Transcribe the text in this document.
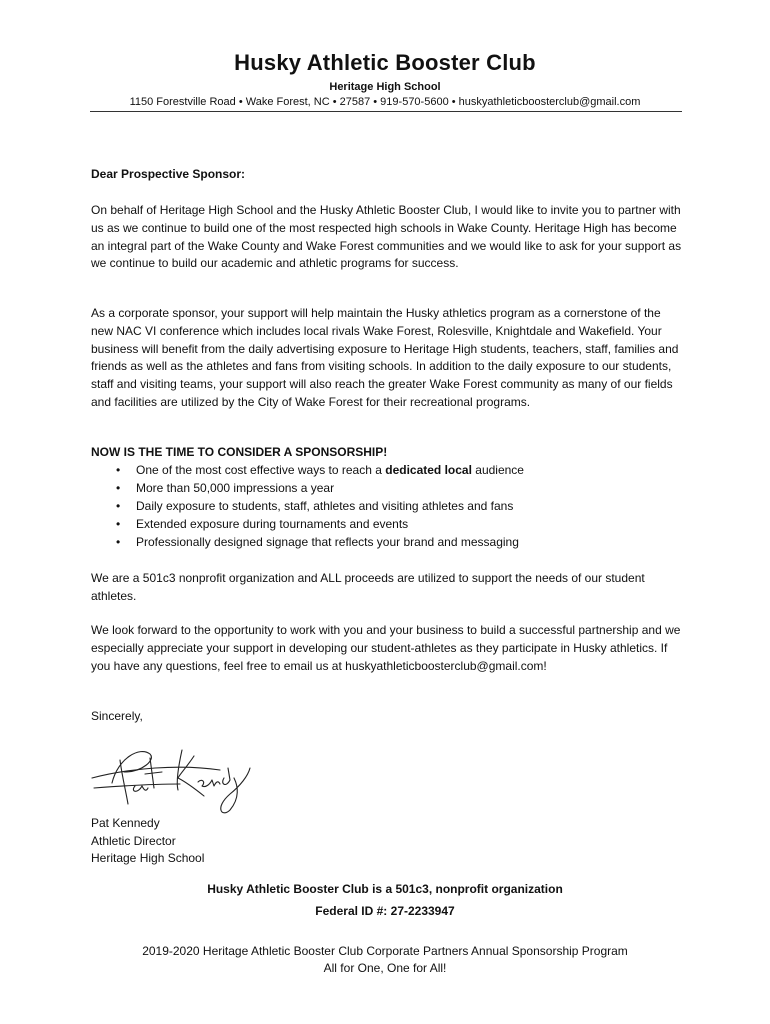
Husky Athletic Booster Club
Heritage High School
1150 Forestville Road • Wake Forest, NC • 27587 • 919-570-5600 • huskyathleticboosterclub@gmail.com
Dear Prospective Sponsor:
On behalf of Heritage High School and the Husky Athletic Booster Club, I would like to invite you to partner with us as we continue to build one of the most respected high schools in Wake County. Heritage High has become an integral part of the Wake County and Wake Forest communities and we would like to ask for your support as we continue to build our academic and athletic programs for success.
As a corporate sponsor, your support will help maintain the Husky athletics program as a cornerstone of the new NAC VI conference which includes local rivals Wake Forest, Rolesville, Knightdale and Wakefield. Your business will benefit from the daily advertising exposure to Heritage High students, teachers, staff, families and friends as well as the athletes and fans from visiting schools. In addition to the daily exposure to our students, staff and visiting teams, your support will also reach the greater Wake Forest community as many of our fields and facilities are utilized by the City of Wake Forest for their recreational programs.
NOW IS THE TIME TO CONSIDER A SPONSORSHIP!
• One of the most cost effective ways to reach a dedicated local audience
• More than 50,000 impressions a year
• Daily exposure to students, staff, athletes and visiting athletes and fans
• Extended exposure during tournaments and events
• Professionally designed signage that reflects your brand and messaging
We are a 501c3 nonprofit organization and ALL proceeds are utilized to support the needs of our student athletes.
We look forward to the opportunity to work with you and your business to build a successful partnership and we especially appreciate your support in developing our student-athletes as they participate in Husky athletics. If you have any questions, feel free to email us at huskyathleticboosterclub@gmail.com!
Sincerely,
Pat Kennedy
Athletic Director
Heritage High School
Husky Athletic Booster Club is a 501c3, nonprofit organization
Federal ID #: 27-2233947
2019-2020 Heritage Athletic Booster Club Corporate Partners Annual Sponsorship Program
All for One, One for All!
